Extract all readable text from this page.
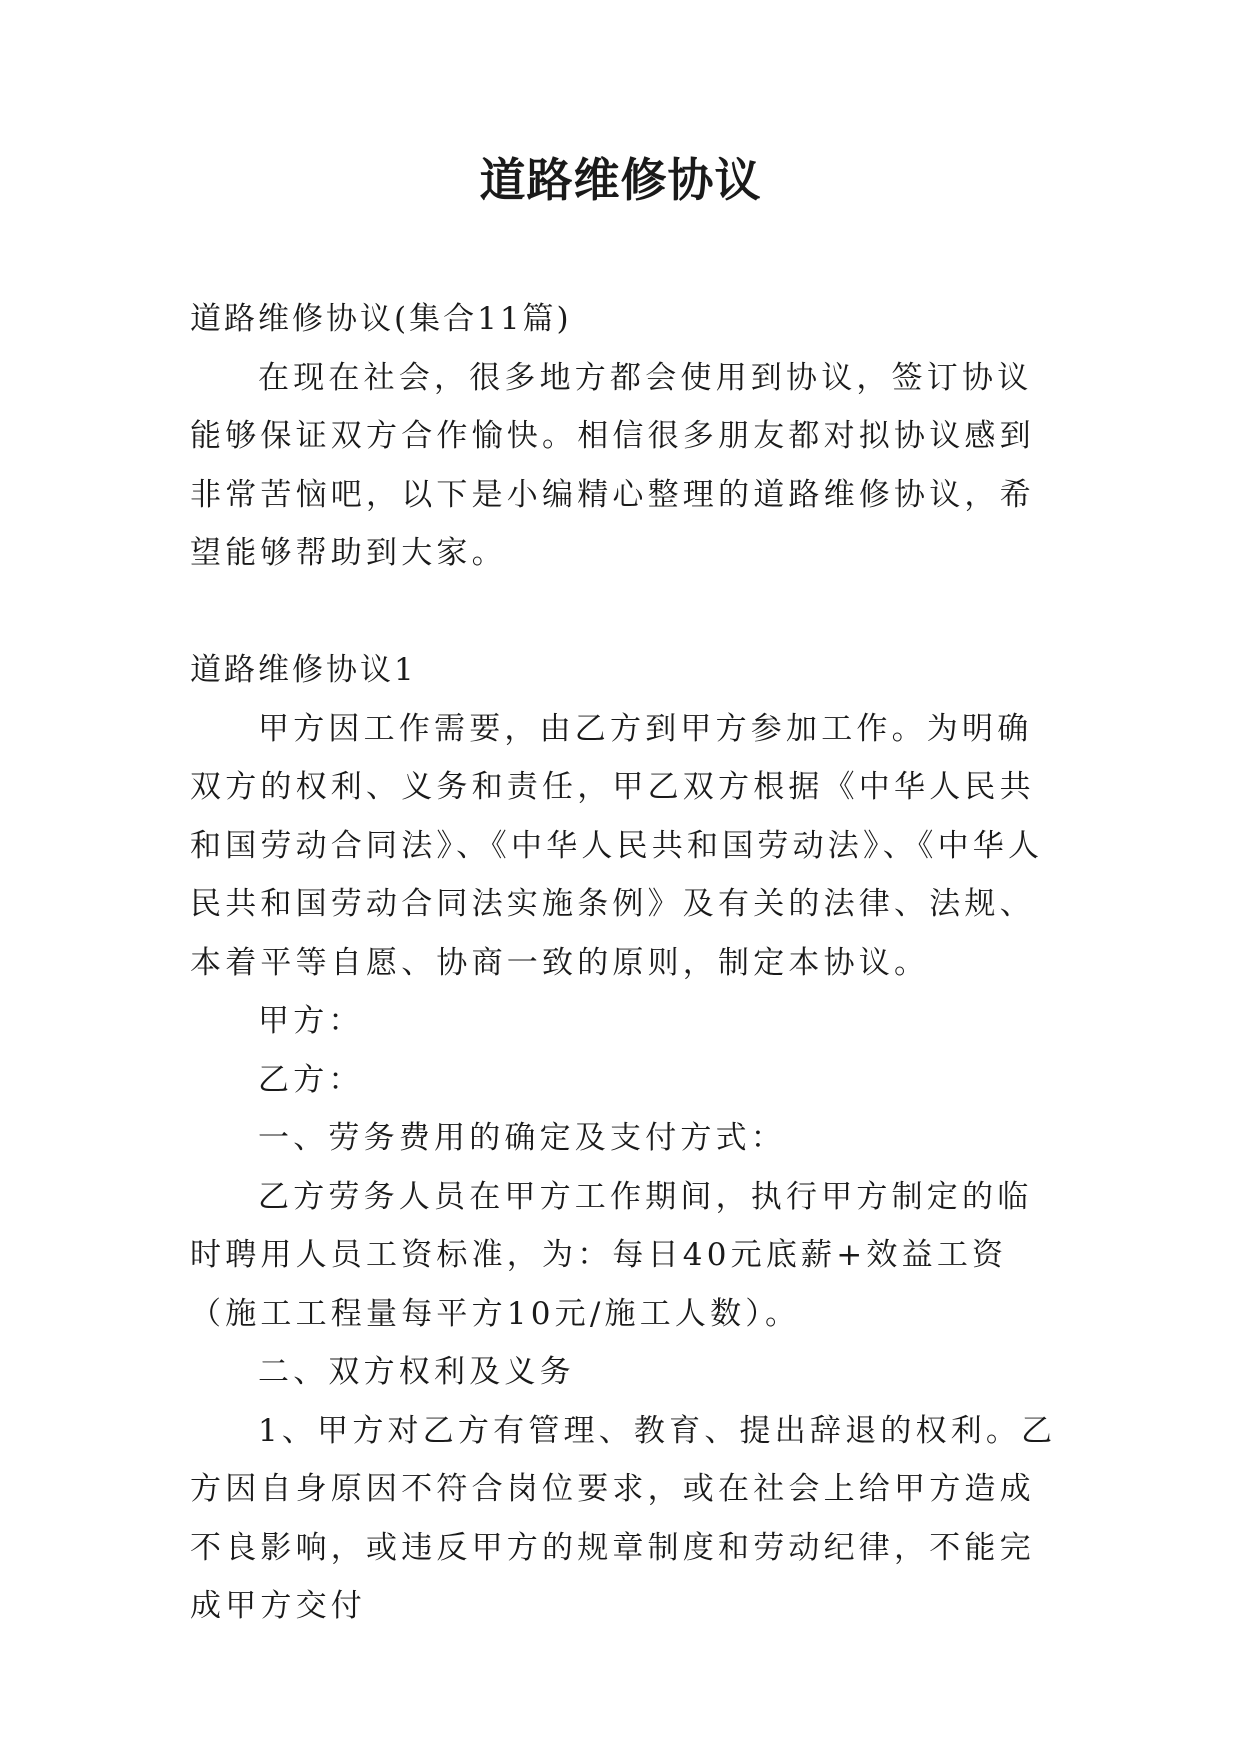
道路维修协议

道路维修协议(集合11篇)

在现在社会，很多地方都会使用到协议，签订协议能够保证双方合作愉快。相信很多朋友都对拟协议感到非常苦恼吧，以下是小编精心整理的道路维修协议，希望能够帮助到大家。

道路维修协议1

甲方因工作需要，由乙方到甲方参加工作。为明确双方的权利、义务和责任，甲乙双方根据《中华人民共和国劳动合同法》、《中华人民共和国劳动法》、《中华人民共和国劳动合同法实施条例》及有关的法律、法规、本着平等自愿、协商一致的原则，制定本协议。

甲方：

乙方：

一、劳务费用的确定及支付方式：

乙方劳务人员在甲方工作期间，执行甲方制定的临时聘用人员工资标准，为：每日40元底薪+效益工资（施工工程量每平方10元/施工人数）。

二、双方权利及义务

1、甲方对乙方有管理、教育、提出辞退的权利。乙方因自身原因不符合岗位要求，或在社会上给甲方造成不良影响，或违反甲方的规章制度和劳动纪律，不能完成甲方交付
